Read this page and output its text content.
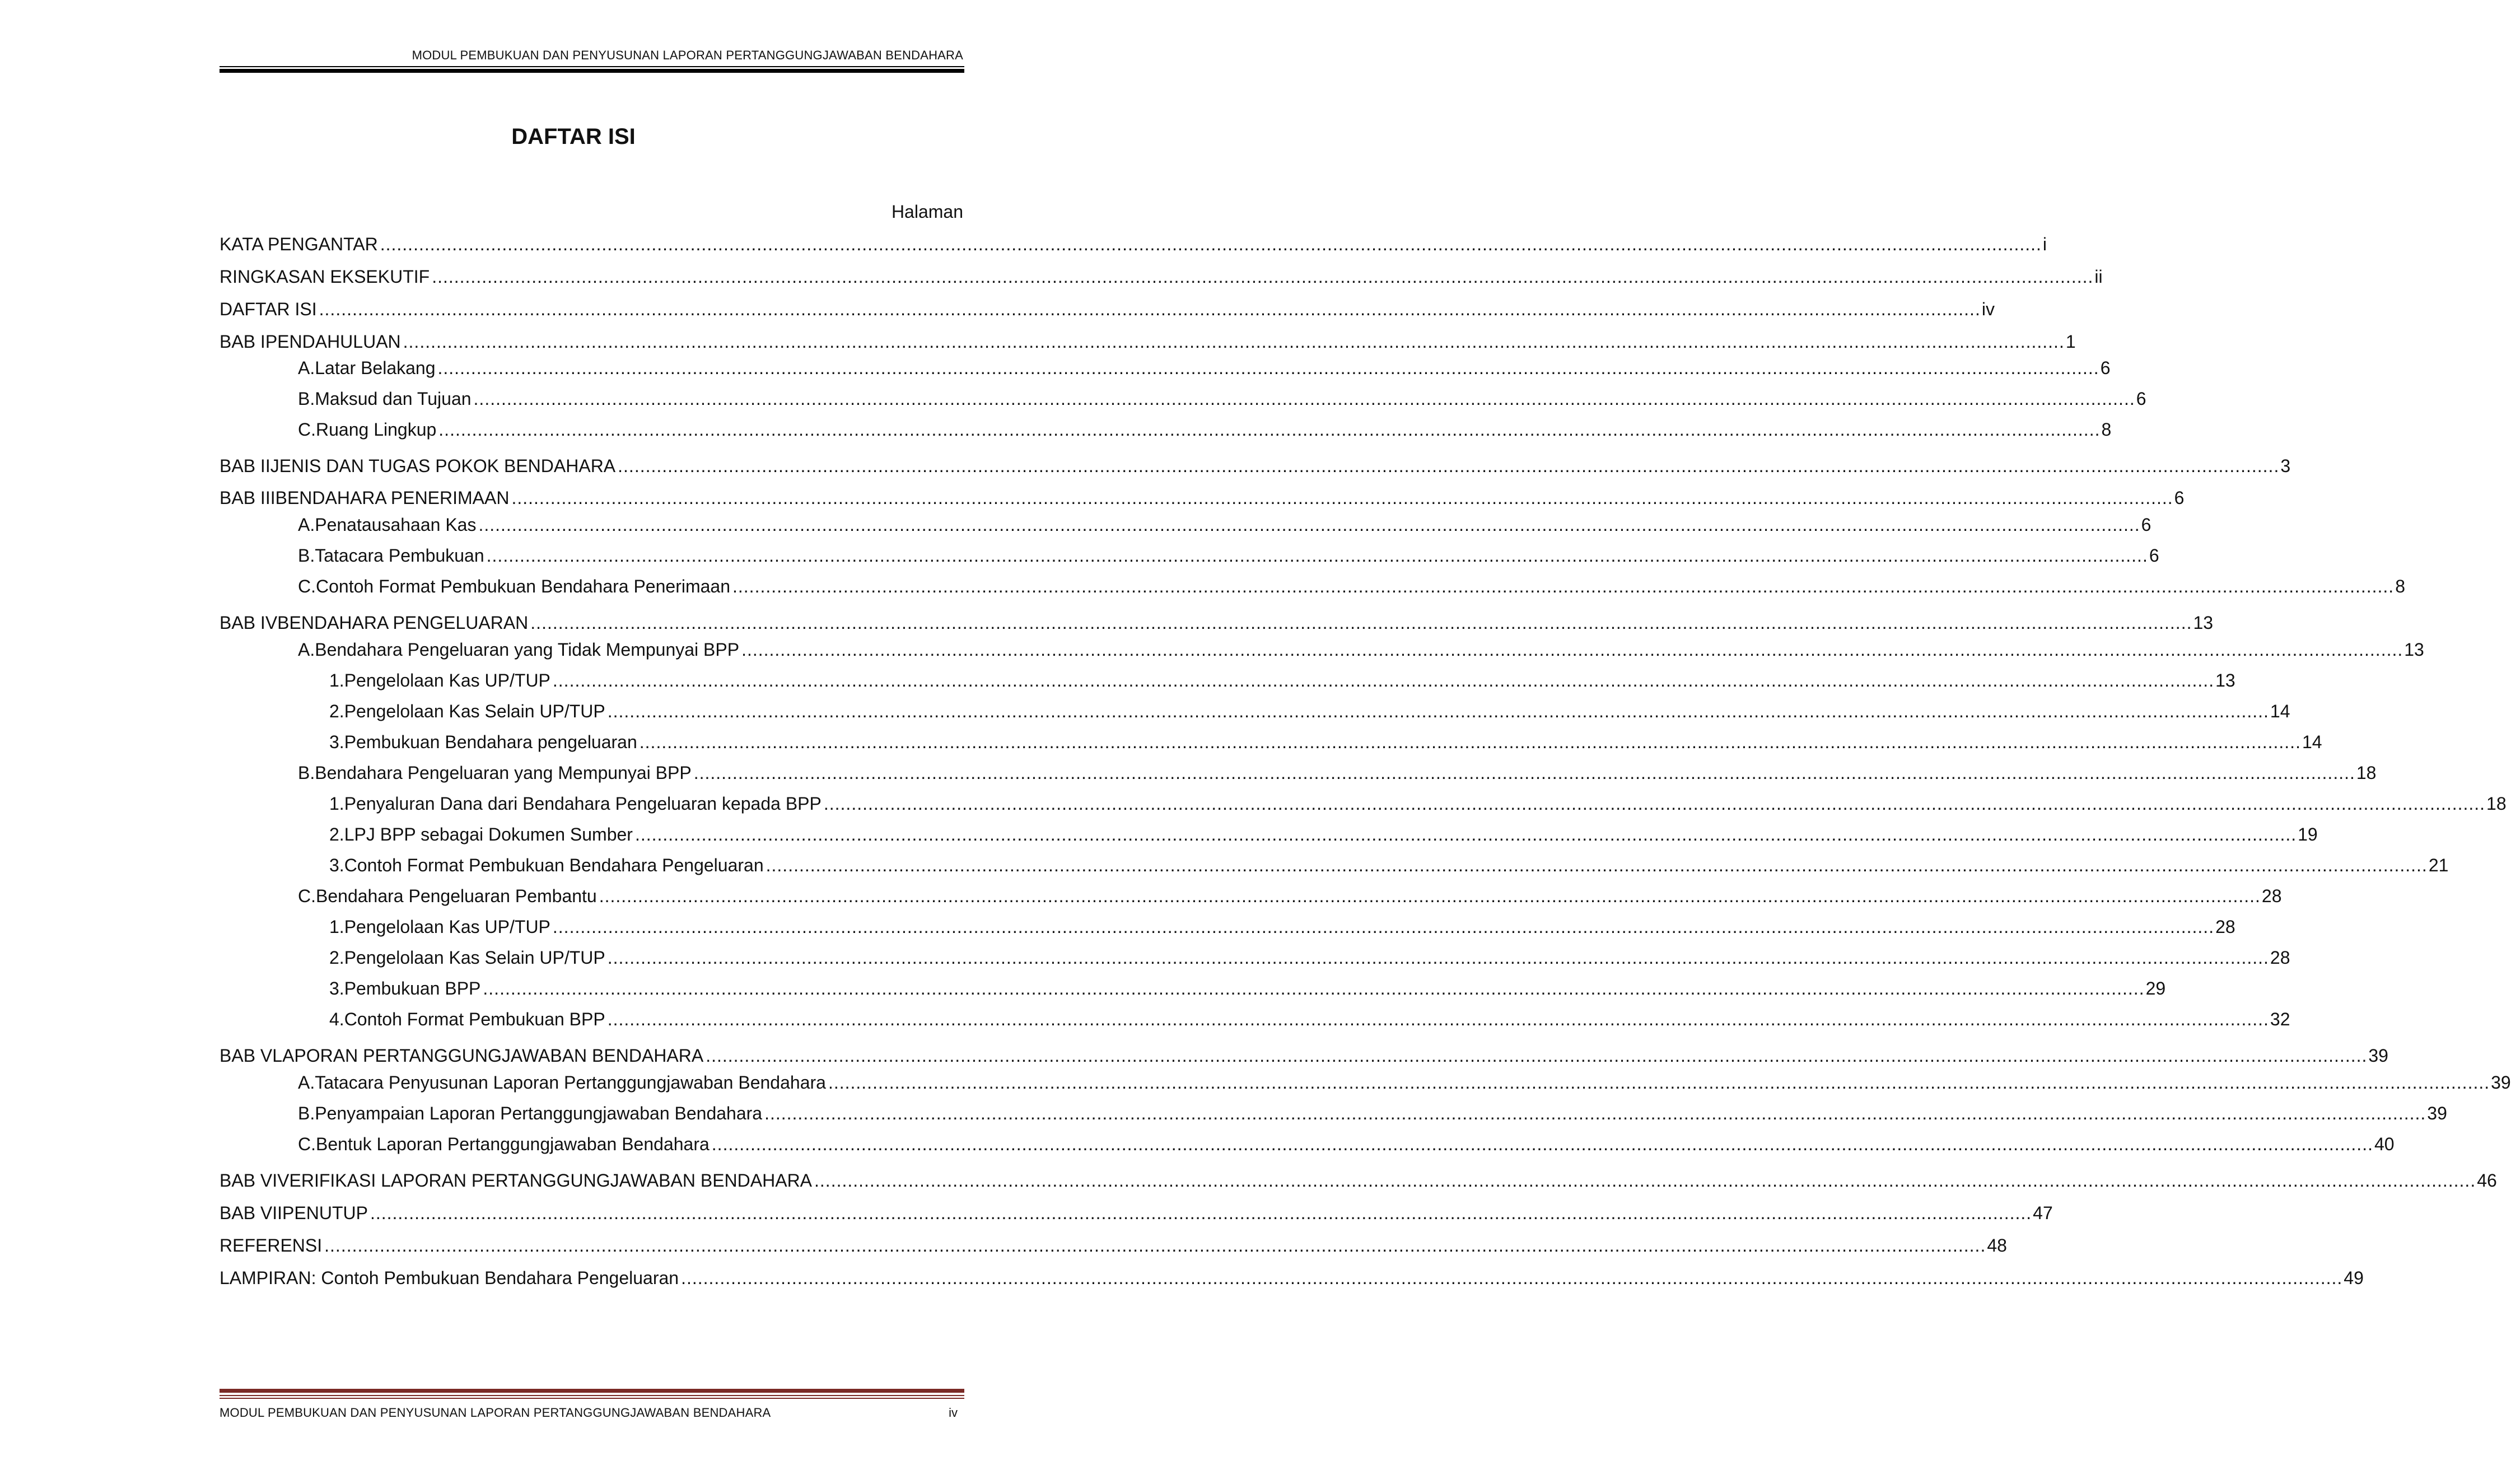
MODUL PEMBUKUAN DAN PENYUSUNAN LAPORAN PERTANGGUNGJAWABAN BENDAHARA
DAFTAR ISI
Halaman
KATA PENGANTAR ............................................................................................................................................................................................................................................................................................................ i
RINGKASAN EKSEKUTIF ............................................................................................................................................................................................................................................................................................................ ii
DAFTAR ISI ............................................................................................................................................................................................................................................................................................................ iv
BAB I PENDAHULUAN ............................................................................................................................................................................................................................................................................................................ 1
A. Latar Belakang ............................................................................................................................................................................................................................................................................................................ 6
B. Maksud dan Tujuan ............................................................................................................................................................................................................................................................................................................ 6
C. Ruang Lingkup ............................................................................................................................................................................................................................................................................................................ 8
BAB II JENIS DAN TUGAS POKOK BENDAHARA ............................................................................................................................................................................................................................................................................................................ 3
BAB III BENDAHARA PENERIMAAN ............................................................................................................................................................................................................................................................................................................ 6
A. Penatausahaan Kas ............................................................................................................................................................................................................................................................................................................ 6
B. Tatacara Pembukuan ............................................................................................................................................................................................................................................................................................................ 6
C. Contoh Format Pembukuan Bendahara Penerimaan ............................................................................................................................................................................................................................................................................................................ 8
BAB IV BENDAHARA PENGELUARAN ............................................................................................................................................................................................................................................................................................................ 13
A. Bendahara Pengeluaran yang Tidak Mempunyai BPP ............................................................................................................................................................................................................................................................................................................ 13
1. Pengelolaan Kas UP/TUP ............................................................................................................................................................................................................................................................................................................ 13
2. Pengelolaan Kas Selain UP/TUP ............................................................................................................................................................................................................................................................................................................ 14
3. Pembukuan Bendahara pengeluaran ............................................................................................................................................................................................................................................................................................................ 14
B. Bendahara Pengeluaran yang Mempunyai BPP ............................................................................................................................................................................................................................................................................................................ 18
1. Penyaluran Dana dari Bendahara Pengeluaran kepada BPP ............................................................................................................................................................................................................................................................................................................ 18
2. LPJ BPP sebagai Dokumen Sumber ............................................................................................................................................................................................................................................................................................................ 19
3. Contoh Format Pembukuan Bendahara Pengeluaran ............................................................................................................................................................................................................................................................................................................ 21
C. Bendahara Pengeluaran Pembantu ............................................................................................................................................................................................................................................................................................................ 28
1. Pengelolaan Kas UP/TUP ............................................................................................................................................................................................................................................................................................................ 28
2. Pengelolaan Kas Selain UP/TUP ............................................................................................................................................................................................................................................................................................................ 28
3. Pembukuan BPP ............................................................................................................................................................................................................................................................................................................ 29
4. Contoh Format Pembukuan BPP ............................................................................................................................................................................................................................................................................................................ 32
BAB V LAPORAN PERTANGGUNGJAWABAN BENDAHARA ............................................................................................................................................................................................................................................................................................................ 39
A. Tatacara Penyusunan Laporan Pertanggungjawaban Bendahara ............................................................................................................................................................................................................................................................................................................ 39
B. Penyampaian Laporan Pertanggungjawaban Bendahara ............................................................................................................................................................................................................................................................................................................ 39
C. Bentuk Laporan Pertanggungjawaban Bendahara ............................................................................................................................................................................................................................................................................................................ 40
BAB VI VERIFIKASI LAPORAN PERTANGGUNGJAWABAN BENDAHARA ............................................................................................................................................................................................................................................................................................................ 46
BAB VII PENUTUP ............................................................................................................................................................................................................................................................................................................ 47
REFERENSI ............................................................................................................................................................................................................................................................................................................ 48
LAMPIRAN: Contoh Pembukuan Bendahara Pengeluaran ............................................................................................................................................................................................................................................................................................................ 49
MODUL PEMBUKUAN DAN PENYUSUNAN LAPORAN PERTANGGUNGJAWABAN BENDAHARA	iv
